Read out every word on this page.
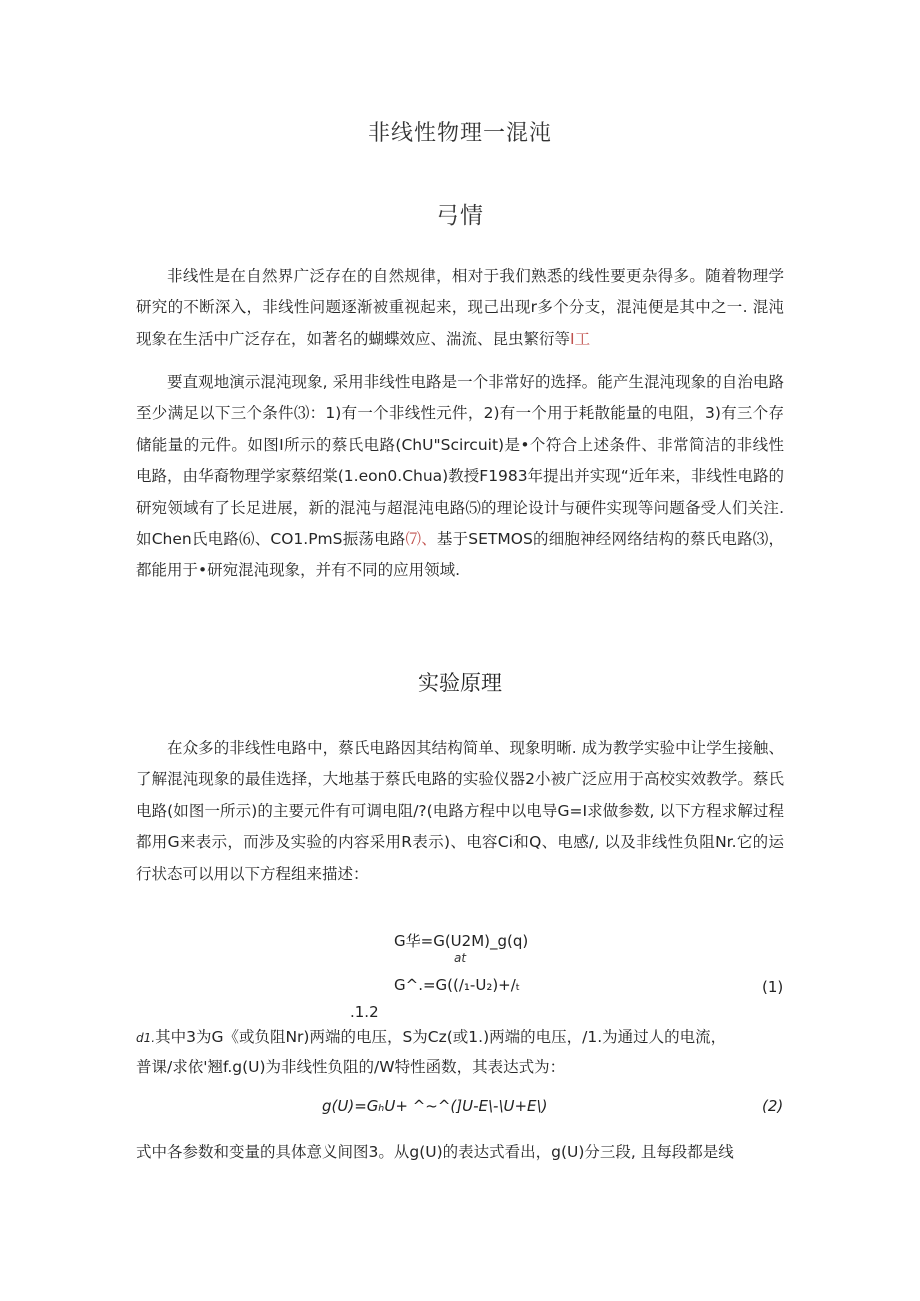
非线性物理一混沌
弓情

非线性是在自然界广泛存在的自然规律，相对于我们熟悉的线性要更杂得多。随着物理学研究的不断深入，非线性问题逐渐被重视起来，现己出现r多个分支，混沌便是其中之一. 混沌现象在生活中广泛存在，如著名的蝴蝶效应、湍流、昆虫繁衍等I工

要直观地演示混沌现象, 采用非线性电路是一个非常好的选择。能产生混沌现象的自治电路至少满足以下三个条件⑶：1)有一个非线性元件，2)有一个用于耗散能量的电阻，3)有三个存储能量的元件。如图I所示的蔡氏电路(ChU"Scircuit)是•个符合上述条件、非常简洁的非线性电路，由华裔物理学家蔡绍棠(1.eon0.Chua)教授F1983年提出并实现“近年来，非线性电路的研宛领域有了长足进展，新的混沌与超混沌电路⑸的理论设计与硬件实现等问题备受人们关注. 如Chen氏电路⑹、CO1.PmS振荡电路⑺、基于SETMOS的细胞神经网络结构的蔡氏电路⑶，都能用于•研宛混沌现象，并有不同的应用领域.

实验原理

在众多的非线性电路中，蔡氏电路因其结构简单、现象明晰. 成为教学实验中让学生接触、了解混沌现象的最佳选择，大地基于蔡氏电路的实验仪器2小被广泛应用于高校实效教学。蔡氏电路(如图一所示)的主要元件有可调电阻/?(电路方程中以电导G=I求做参数, 以下方程求解过程都用G来表示，而涉及实验的内容采用R表示)、电容Ci和Q、电感/, 以及非线性负阻Nr.它的运行状态可以用以下方程组来描述：

G华=G(U2M)_g(q)
at
G^.=G((/₁-U₂)+/ₜ	(1)
.1.2
d1.其中3为G《或负阻Nr)两端的电压，S为Cz(或1.)两端的电压，/1.为通过人的电流，
普课/求依'翘f.g(U)为非线性负阻的/W特性函数，其表达式为：
g(U)=GₕU+ ^~^(]U-E\-\U+E\)	(2)
式中各参数和变量的具体意义间图3。从g(U)的表达式看出，g(U)分三段, 且每段都是线
